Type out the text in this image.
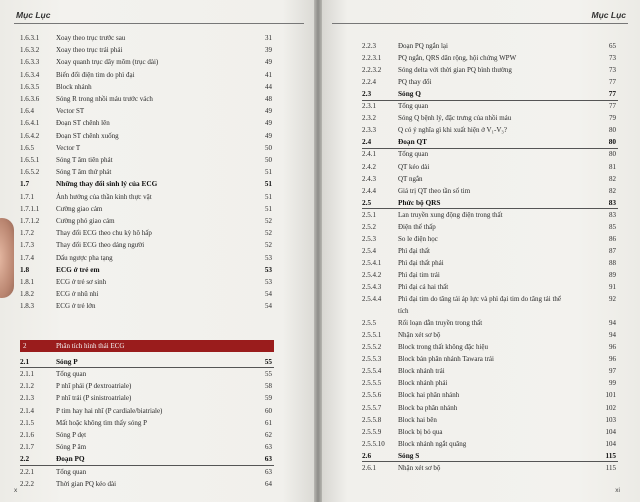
Mục Lục
1.6.3.1 Xoay theo trục trước sau	31
1.6.3.2 Xoay theo trục trái phải	39
1.6.3.3 Xoay quanh trục dây mõm (trục dài)	49
1.6.3.4 Biến đổi điện tim do phì đại	41
1.6.3.5 Block nhánh	44
1.6.3.6 Sóng R trong nhồi máu trước vách	48
1.6.4	Vector ST	49
1.6.4.1 Đoạn ST chênh lên	49
1.6.4.2 Đoạn ST chênh xuống	49
1.6.5	Vector T	50
1.6.5.1 Sóng T âm tiên phát	50
1.6.5.2 Sóng T âm thứ phát	51
1.7	Những thay đổi sinh lý của ECG	51
1.7.1	Ảnh hưởng của thần kinh thực vật	51
1.7.1.1 Cường giao cảm	51
1.7.1.2 Cường phó giao cảm	52
1.7.2	Thay đổi ECG theo chu kỳ hô hấp	52
1.7.3	Thay đổi ECG theo dáng người	52
1.7.4	Dấu ngược pha tạng	53
1.8	ECG ở trẻ em	53
1.8.1	ECG ở trẻ sơ sinh	53
1.8.2	ECG ở nhũ nhi	54
1.8.3	ECG ở trẻ lớn	54
2	Phân tích hình thái ECG
2.1	Sóng P	55
2.1.1	Tổng quan	55
2.1.2	P nhĩ phải (P dextroatriale)	58
2.1.3	P nhĩ trái (P sinistroatriale)	59
2.1.4	P tim hay hai nhĩ (P cardiale/biatriale)	60
2.1.5	Mất hoặc không tìm thấy sóng P	61
2.1.6	Sóng P dẹt	62
2.1.7	Sóng P âm	63
2.2	Đoạn PQ	63
2.2.1	Tổng quan	63
2.2.2	Thời gian PQ kéo dài	64
x
Mục Lục
2.2.3	Đoạn PQ ngắn lại	65
2.2.3.1 PQ ngắn, QRS dãn rộng, hội chứng WPW	73
2.2.3.2 Sóng delta với thời gian PQ bình thường	73
2.2.4	PQ thay đổi	77
2.3	Sóng Q	77
2.3.1	Tổng quan	77
2.3.2	Sóng Q bệnh lý, đặc trưng của nhồi máu	79
2.3.3	Q có ý nghĩa gì khi xuất hiện ở V₁-V₃?	80
2.4	Đoạn QT	80
2.4.1	Tổng quan	80
2.4.2	QT kéo dài	81
2.4.3	QT ngắn	82
2.4.4	Giá trị QT theo tần số tim	82
2.5	Phức bộ QRS	83
2.5.1	Lan truyền xung động điện trong thất	83
2.5.2	Điện thế thấp	85
2.5.3	So le điện học	86
2.5.4	Phì đại thất	87
2.5.4.1 Phì đại thất phải	88
2.5.4.2 Phì đại tim trái	89
2.5.4.3 Phì đại cả hai thất	91
2.5.4.4 Phì đại tim do tăng tải áp lực và phì đại tim do tăng tải thể	92
tích
2.5.5	Rối loạn dẫn truyền trong thất	94
2.5.5.1 Nhận xét sơ bộ	94
2.5.5.2 Block trong thất không đặc hiệu	96
2.5.5.3 Block bản phân nhánh Tawara trái	96
2.5.5.4 Block nhánh trái	97
2.5.5.5 Block nhánh phải	99
2.5.5.6 Block hai phân nhánh	101
2.5.5.7 Block ba phân nhánh	102
2.5.5.8 Block hai bên	103
2.5.5.9 Block bị bỏ qua	104
2.5.5.10 Block nhánh ngắt quãng	104
2.6	Sóng S	115
2.6.1	Nhận xét sơ bộ	115
xi
